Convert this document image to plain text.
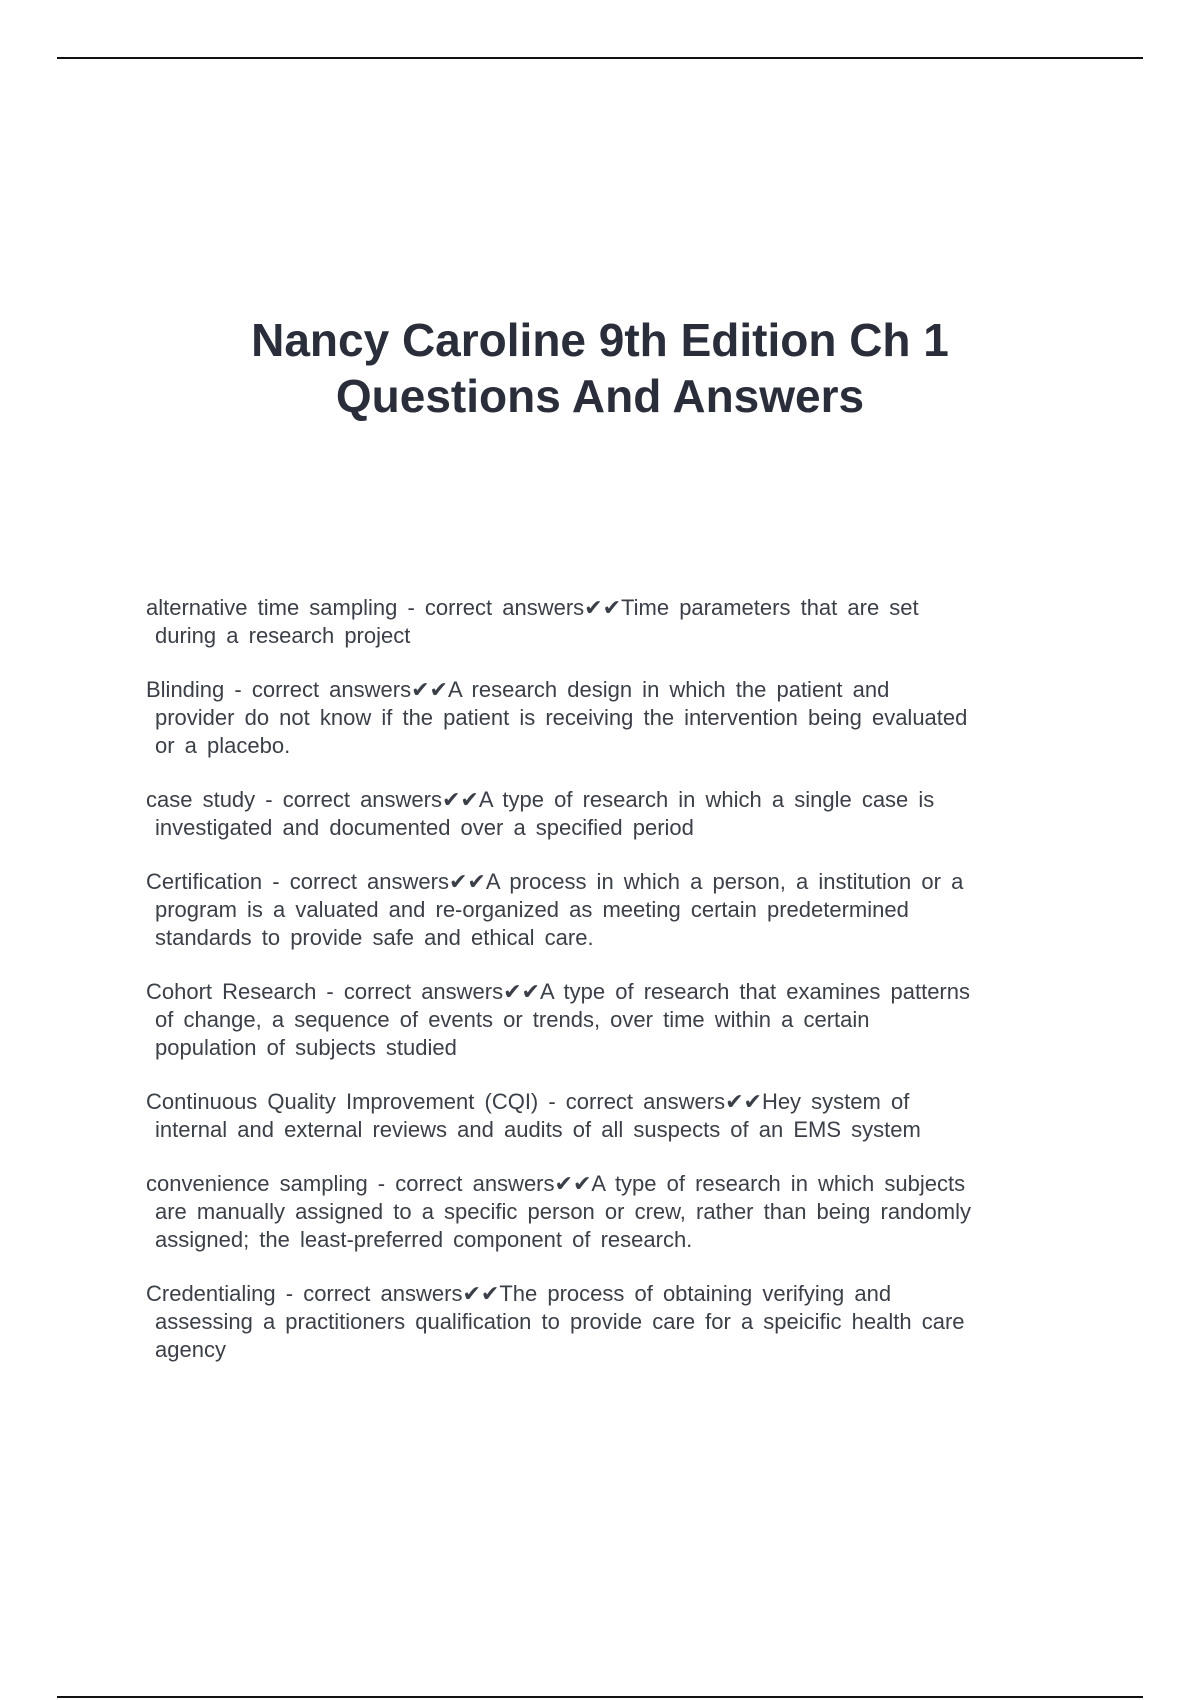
Nancy Caroline 9th Edition Ch 1
Questions And Answers

alternative time sampling - correct answers✔✔Time parameters that are set
during a research project

Blinding - correct answers✔✔A research design in which the patient and
provider do not know if the patient is receiving the intervention being evaluated
or a placebo.

case study - correct answers✔✔A type of research in which a single case is
investigated and documented over a specified period

Certification - correct answers✔✔A process in which a person, a institution or a
program is a valuated and re-organized as meeting certain predetermined
standards to provide safe and ethical care.

Cohort Research - correct answers✔✔A type of research that examines patterns
of change, a sequence of events or trends, over time within a certain
population of subjects studied

Continuous Quality Improvement (CQI) - correct answers✔✔Hey system of
internal and external reviews and audits of all suspects of an EMS system

convenience sampling - correct answers✔✔A type of research in which subjects
are manually assigned to a specific person or crew, rather than being randomly
assigned; the least-preferred component of research.

Credentialing - correct answers✔✔The process of obtaining verifying and
assessing a practitioners qualification to provide care for a speicific health care
agency
